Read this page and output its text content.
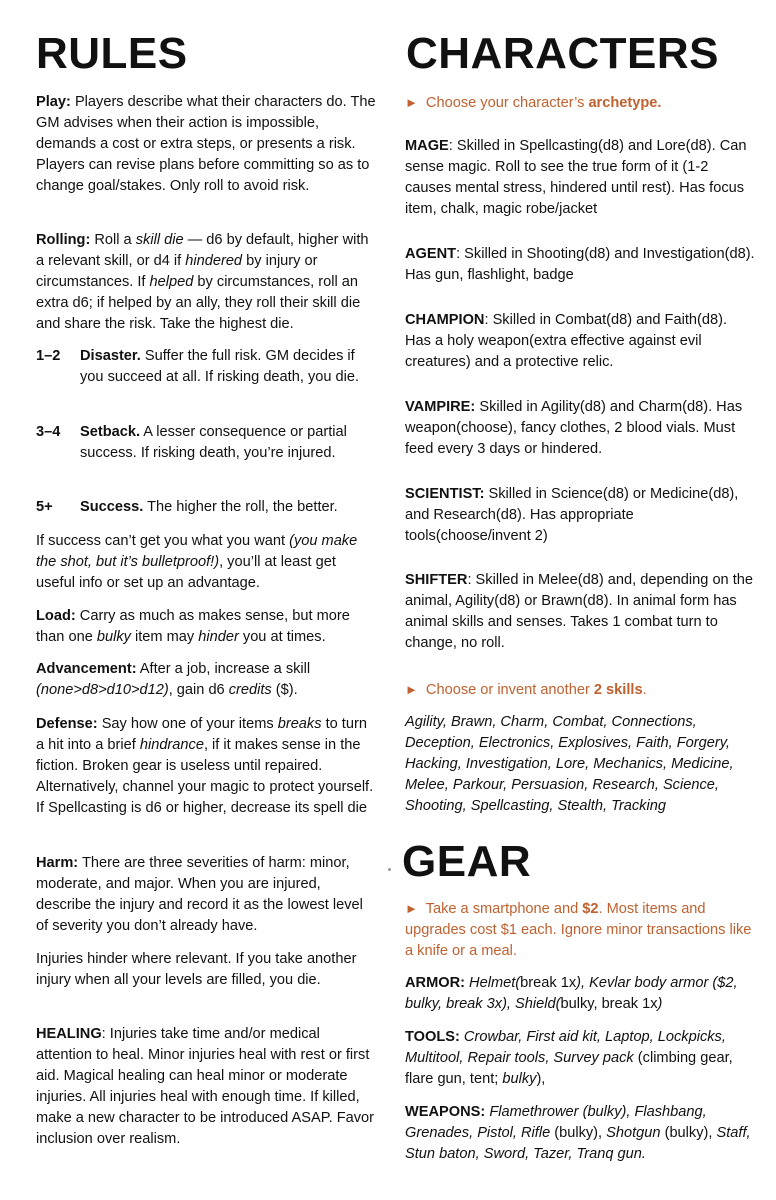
RULES

Play: Players describe what their characters do. The GM advises when their action is impossible, demands a cost or extra steps, or presents a risk. Players can revise plans before committing so as to change goal/stakes. Only roll to avoid risk.

Rolling: Roll a skill die — d6 by default, higher with a relevant skill, or d4 if hindered by injury or circumstances. If helped by circumstances, roll an extra d6; if helped by an ally, they roll their skill die and share the risk. Take the highest die.

1–2 Disaster. Suffer the full risk. GM decides if you succeed at all. If risking death, you die.

3–4 Setback. A lesser consequence or partial success. If risking death, you’re injured.

5+ Success. The higher the roll, the better.

If success can’t get you what you want (you make the shot, but it’s bulletproof!), you’ll at least get useful info or set up an advantage.

Load: Carry as much as makes sense, but more than one bulky item may hinder you at times.

Advancement: After a job, increase a skill (none>d8>d10>d12), gain d6 credits ($).

Defense: Say how one of your items breaks to turn a hit into a brief hindrance, if it makes sense in the fiction. Broken gear is useless until repaired. Alternatively, channel your magic to protect yourself. If Spellcasting is d6 or higher, decrease its spell die

Harm: There are three severities of harm: minor, moderate, and major. When you are injured, describe the injury and record it as the lowest level of severity you don’t already have.

Injuries hinder where relevant. If you take another injury when all your levels are filled, you die.

HEALING: Injuries take time and/or medical attention to heal. Minor injuries heal with rest or first aid. Magical healing can heal minor or moderate injuries. All injuries heal with enough time. If killed, make a new character to be introduced ASAP. Favor inclusion over realism.

CHARACTERS

► Choose your character’s archetype.

MAGE: Skilled in Spellcasting(d8) and Lore(d8). Can sense magic. Roll to see the true form of it (1-2 causes mental stress, hindered until rest). Has focus item, chalk, magic robe/jacket

AGENT: Skilled in Shooting(d8) and Investigation(d8). Has gun, flashlight, badge

CHAMPION: Skilled in Combat(d8) and Faith(d8). Has a holy weapon(extra effective against evil creatures) and a protective relic.

VAMPIRE: Skilled in Agility(d8) and Charm(d8). Has weapon(choose), fancy clothes, 2 blood vials. Must feed every 3 days or hindered.

SCIENTIST: Skilled in Science(d8) or Medicine(d8), and Research(d8). Has appropriate tools(choose/invent 2)

SHIFTER: Skilled in Melee(d8) and, depending on the animal, Agility(d8) or Brawn(d8). In animal form has animal skills and senses. Takes 1 combat turn to change, no roll.

► Choose or invent another 2 skills.

Agility, Brawn, Charm, Combat, Connections, Deception, Electronics, Explosives, Faith, Forgery, Hacking, Investigation, Lore, Mechanics, Medicine, Melee, Parkour, Persuasion, Research, Science, Shooting, Spellcasting, Stealth, Tracking

GEAR

► Take a smartphone and $2. Most items and upgrades cost $1 each. Ignore minor transactions like a knife or a meal.

ARMOR: Helmet(break 1x), Kevlar body armor ($2, bulky, break 3x), Shield(bulky, break 1x)

TOOLS: Crowbar, First aid kit, Laptop, Lockpicks, Multitool, Repair tools, Survey pack (climbing gear, flare gun, tent; bulky),

WEAPONS: Flamethrower (bulky), Flashbang, Grenades, Pistol, Rifle (bulky), Shotgun (bulky), Staff, Stun baton, Sword, Tazer, Tranq gun.
